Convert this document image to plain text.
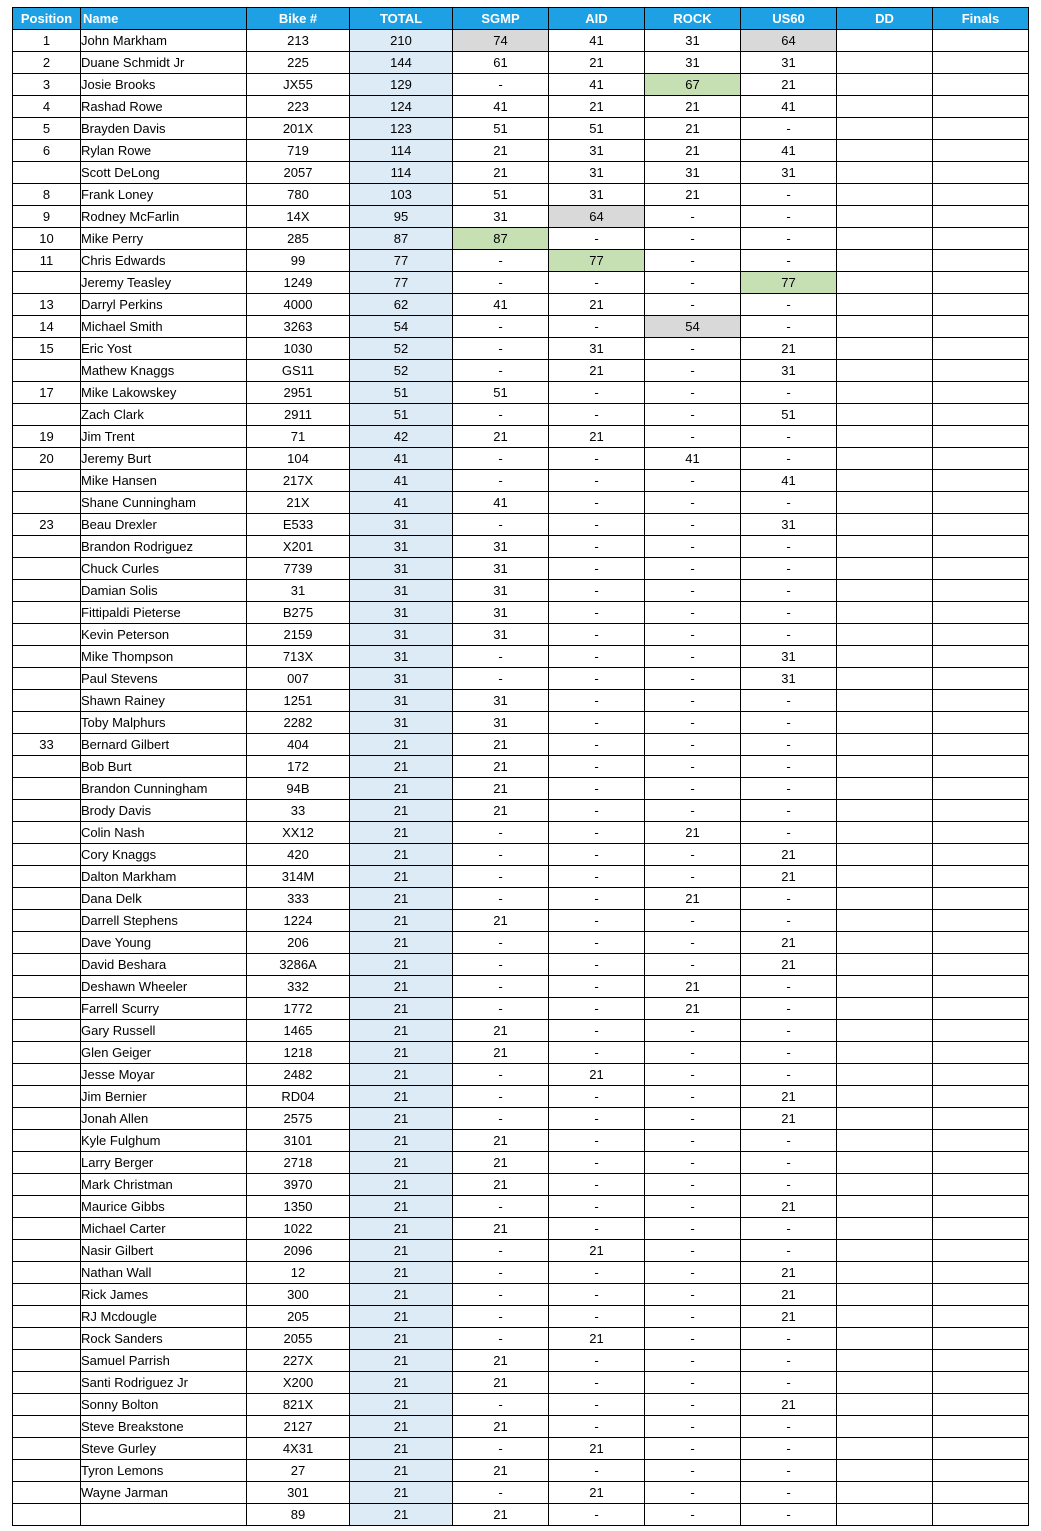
Position	Name	Bike #	TOTAL	SGMP	AID	ROCK	US60	DD	Finals
1	John Markham	213	210	74	41	31	64		
2	Duane Schmidt Jr	225	144	61	21	31	31		
3	Josie Brooks	JX55	129	-	41	67	21		
4	Rashad Rowe	223	124	41	21	21	41		
5	Brayden Davis	201X	123	51	51	21	-		
6	Rylan Rowe	719	114	21	31	21	41		
	Scott DeLong	2057	114	21	31	31	31		
8	Frank Loney	780	103	51	31	21	-		
9	Rodney McFarlin	14X	95	31	64	-	-		
10	Mike Perry	285	87	87	-	-	-		
11	Chris Edwards	99	77	-	77	-	-		
	Jeremy Teasley	1249	77	-	-	-	77		
13	Darryl Perkins	4000	62	41	21	-	-		
14	Michael Smith	3263	54	-	-	54	-		
15	Eric Yost	1030	52	-	31	-	21		
	Mathew Knaggs	GS11	52	-	21	-	31		
17	Mike Lakowskey	2951	51	51	-	-	-		
	Zach Clark	2911	51	-	-	-	51		
19	Jim Trent	71	42	21	21	-	-		
20	Jeremy Burt	104	41	-	-	41	-		
	Mike Hansen	217X	41	-	-	-	41		
	Shane Cunningham	21X	41	41	-	-	-		
23	Beau Drexler	E533	31	-	-	-	31		
	Brandon Rodriguez	X201	31	31	-	-	-		
	Chuck Curles	7739	31	31	-	-	-		
	Damian Solis	31	31	31	-	-	-		
	Fittipaldi Pieterse	B275	31	31	-	-	-		
	Kevin Peterson	2159	31	31	-	-	-		
	Mike Thompson	713X	31	-	-	-	31		
	Paul Stevens	007	31	-	-	-	31		
	Shawn Rainey	1251	31	31	-	-	-		
	Toby Malphurs	2282	31	31	-	-	-		
33	Bernard Gilbert	404	21	21	-	-	-		
	Bob Burt	172	21	21	-	-	-		
	Brandon Cunningham	94B	21	21	-	-	-		
	Brody Davis	33	21	21	-	-	-		
	Colin Nash	XX12	21	-	-	21	-		
	Cory Knaggs	420	21	-	-	-	21		
	Dalton Markham	314M	21	-	-	-	21		
	Dana Delk	333	21	-	-	21	-		
	Darrell Stephens	1224	21	21	-	-	-		
	Dave Young	206	21	-	-	-	21		
	David Beshara	3286A	21	-	-	-	21		
	Deshawn Wheeler	332	21	-	-	21	-		
	Farrell Scurry	1772	21	-	-	21	-		
	Gary Russell	1465	21	21	-	-	-		
	Glen Geiger	1218	21	21	-	-	-		
	Jesse Moyar	2482	21	-	21	-	-		
	Jim Bernier	RD04	21	-	-	-	21		
	Jonah Allen	2575	21	-	-	-	21		
	Kyle Fulghum	3101	21	21	-	-	-		
	Larry Berger	2718	21	21	-	-	-		
	Mark Christman	3970	21	21	-	-	-		
	Maurice Gibbs	1350	21	-	-	-	21		
	Michael Carter	1022	21	21	-	-	-		
	Nasir Gilbert	2096	21	-	21	-	-		
	Nathan Wall	12	21	-	-	-	21		
	Rick James	300	21	-	-	-	21		
	RJ Mcdougle	205	21	-	-	-	21		
	Rock Sanders	2055	21	-	21	-	-		
	Samuel Parrish	227X	21	21	-	-	-		
	Santi Rodriguez Jr	X200	21	21	-	-	-		
	Sonny Bolton	821X	21	-	-	-	21		
	Steve Breakstone	2127	21	21	-	-	-		
	Steve Gurley	4X31	21	-	21	-	-		
	Tyron Lemons	27	21	21	-	-	-		
	Wayne Jarman	301	21	-	21	-	-		
		89	21	21	-	-	-		
